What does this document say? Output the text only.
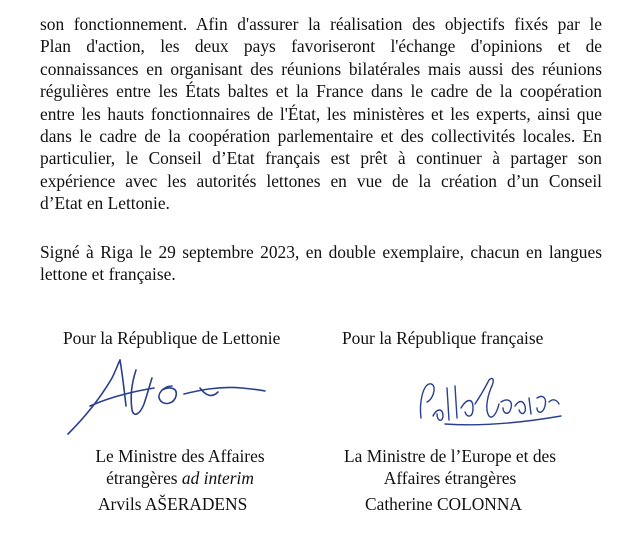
son fonctionnement. Afin d'assurer la réalisation des objectifs fixés par le
Plan d'action, les deux pays favoriseront l'échange d'opinions et de
connaissances en organisant des réunions bilatérales mais aussi des réunions
régulières entre les États baltes et la France dans le cadre de la coopération
entre les hauts fonctionnaires de l'État, les ministères et les experts, ainsi que
dans le cadre de la coopération parlementaire et des collectivités locales. En
particulier, le Conseil d’Etat français est prêt à continuer à partager son
expérience avec les autorités lettones en vue de la création d’un Conseil
d’Etat en Lettonie.
Signé à Riga le 29 septembre 2023, en double exemplaire, chacun en langues
lettone et française.
Pour la République de Lettonie	Pour la République française
Le Ministre des Affaires
étrangères ad interim
La Ministre de l’Europe et des
Affaires étrangères
Arvils AŠERADENS	Catherine COLONNA
